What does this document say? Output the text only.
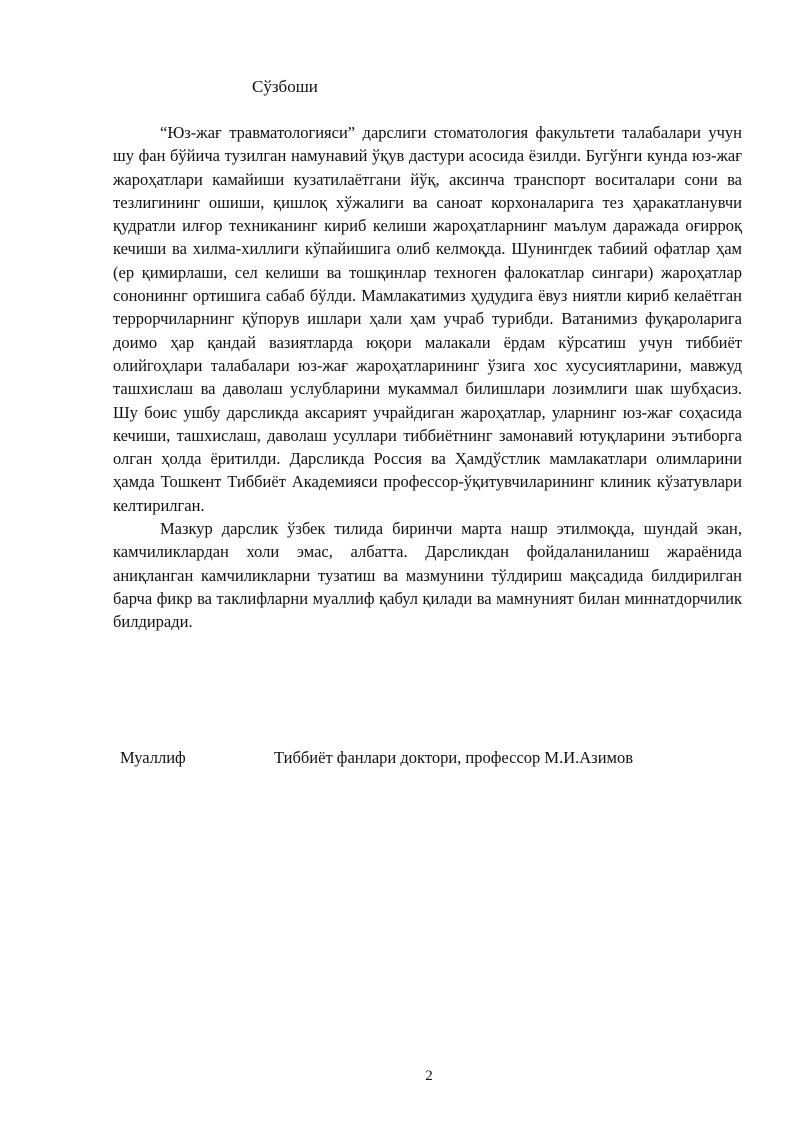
Сўзбоши

“Юз-жағ травматологияси” дарслиги стоматология факультети талабалари учун шу фан бўйича тузилган намунавий ўқув дастури асосида ёзилди. Бугўнги кунда юз-жағ жароҳатлари камайиши кузатилаётгани йўқ, аксинча транспорт воситалари сони ва тезлигининг ошиши, қишлоқ хўжалиги ва саноат корхоналарига тез ҳаракатланувчи қудратли илғор техниканинг кириб келиши жароҳатларнинг маълум даражада оғирроқ кечиши ва хилма-хиллиги кўпайишига олиб келмоқда. Шунингдек табиий офатлар ҳам (ер қимирлаши, сел келиши ва тошқинлар техноген фалокатлар сингари) жароҳатлар сонониннг ортишига сабаб бўлди. Мамлакатимиз ҳудудига ёвуз ниятли кириб келаётган террорчиларнинг қўпорув ишлари ҳали ҳам учраб турибди. Ватанимиз фуқароларига доимо ҳар қандай вазиятларда юқори малакали ёрдам кўрсатиш учун тиббиёт олийгоҳлари талабалари юз-жағ жароҳатларининг ўзига хос хусусиятларини, мавжуд ташхислаш ва даволаш услубларини мукаммал билишлари лозимлиги шак шубҳасиз. Шу боис ушбу дарсликда аксарият учрайдиган жароҳатлар, уларнинг юз-жағ соҳасида кечиши, ташхислаш, даволаш усуллари тиббиётнинг замонавий ютуқларини эътиборга олган ҳолда ёритилди. Дарсликда Россия ва Ҳамдўстлик мамлакатлари олимларини ҳамда Тошкент Тиббиёт Академияси профессор-ўқитувчиларининг клиник кўзатувлари келтирилган.

Мазкур дарслик ўзбек тилида биринчи марта нашр этилмоқда, шундай экан, камчиликлардан холи эмас, албатта. Дарсликдан фойдаланиланиш жараёнида аниқланган камчиликларни тузатиш ва мазмунини тўлдириш мақсадида билдирилган барча фикр ва таклифларни муаллиф қабул қилади ва мамнуният билан миннатдорчилик билдиради.

Муаллиф	Тиббиёт фанлари доктори, профессор М.И.Азимов
2
